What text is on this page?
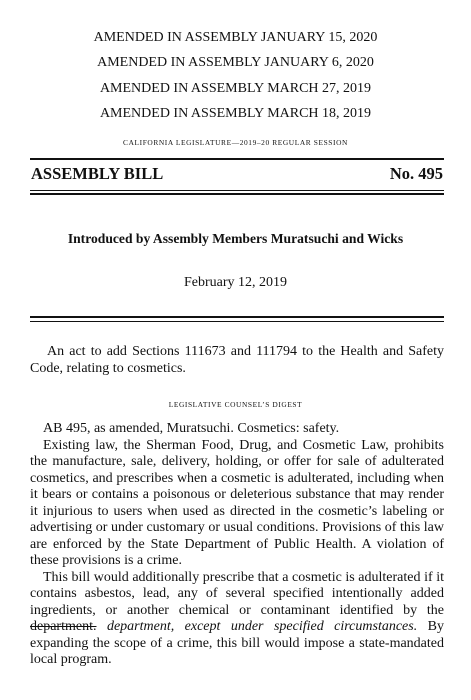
AMENDED IN ASSEMBLY JANUARY 15, 2020
AMENDED IN ASSEMBLY JANUARY 6, 2020
AMENDED IN ASSEMBLY MARCH 27, 2019
AMENDED IN ASSEMBLY MARCH 18, 2019
CALIFORNIA LEGISLATURE—2019–20 REGULAR SESSION
ASSEMBLY BILL	No. 495
Introduced by Assembly Members Muratsuchi and Wicks
February 12, 2019

An act to add Sections 111673 and 111794 to the Health and Safety Code, relating to cosmetics.

LEGISLATIVE COUNSEL’S DIGEST

AB 495, as amended, Muratsuchi. Cosmetics: safety.

Existing law, the Sherman Food, Drug, and Cosmetic Law, prohibits the manufacture, sale, delivery, holding, or offer for sale of adulterated cosmetics, and prescribes when a cosmetic is adulterated, including when it bears or contains a poisonous or deleterious substance that may render it injurious to users when used as directed in the cosmetic’s labeling or advertising or under customary or usual conditions. Provisions of this law are enforced by the State Department of Public Health. A violation of these provisions is a crime.

This bill would additionally prescribe that a cosmetic is adulterated if it contains asbestos, lead, any of several specified intentionally added ingredients, or another chemical or contaminant identified by the department. department, except under specified circumstances. By expanding the scope of a crime, this bill would impose a state-mandated local program.
